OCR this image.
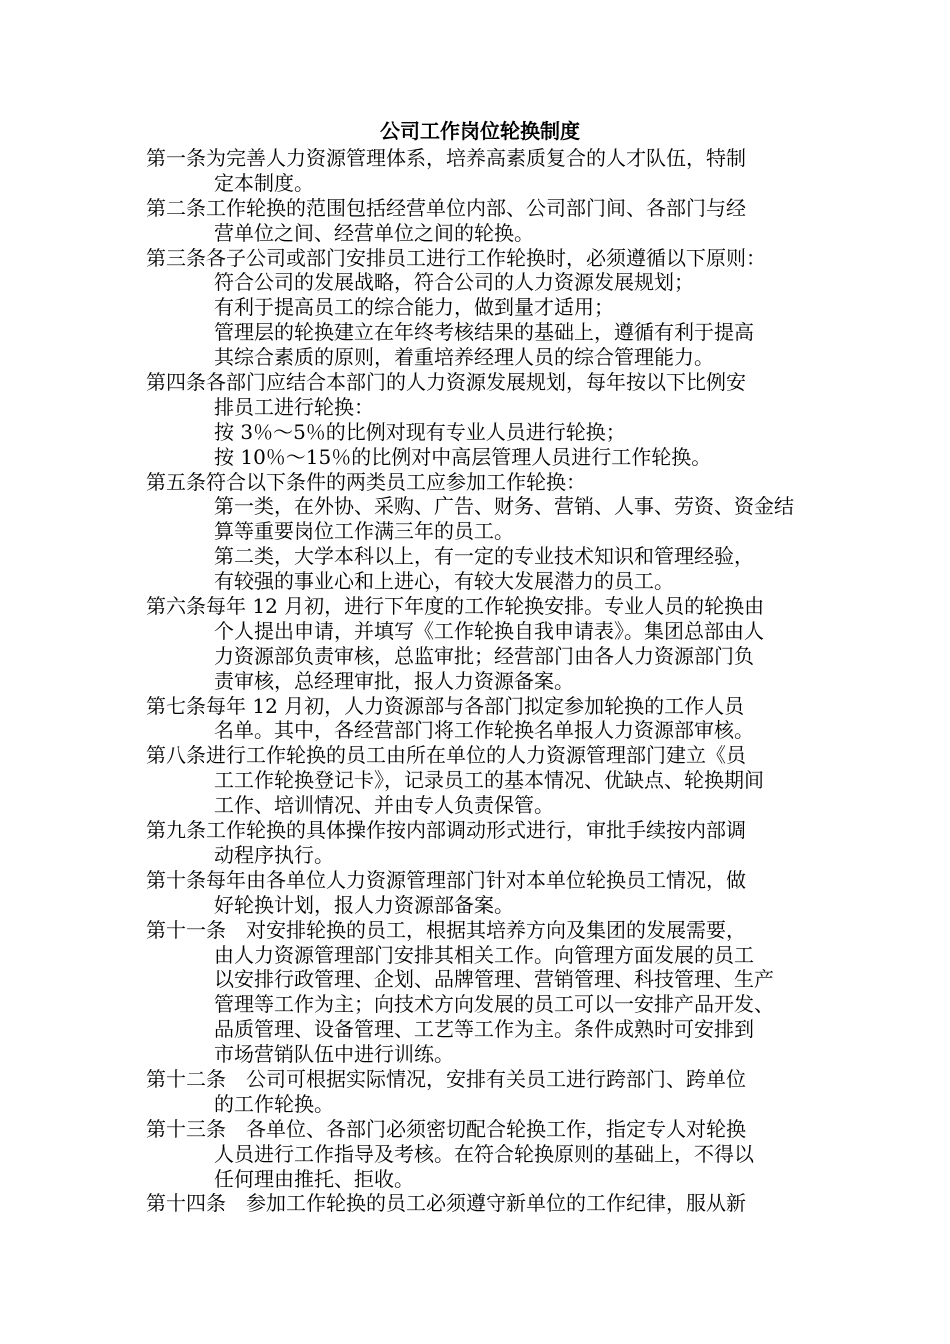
公司工作岗位轮换制度
第一条为完善人力资源管理体系，培养高素质复合的人才队伍，特制
定本制度。
第二条工作轮换的范围包括经营单位内部、公司部门间、各部门与经
营单位之间、经营单位之间的轮换。
第三条各子公司或部门安排员工进行工作轮换时，必须遵循以下原则：
符合公司的发展战略，符合公司的人力资源发展规划；
有利于提高员工的综合能力，做到量才适用；
管理层的轮换建立在年终考核结果的基础上，遵循有利于提高
其综合素质的原则，着重培养经理人员的综合管理能力。
第四条各部门应结合本部门的人力资源发展规划，每年按以下比例安
排员工进行轮换：
按 3％～5％的比例对现有专业人员进行轮换；
按 10％～15％的比例对中高层管理人员进行工作轮换。
第五条符合以下条件的两类员工应参加工作轮换：
第一类，在外协、采购、广告、财务、营销、人事、劳资、资金结
算等重要岗位工作满三年的员工。
第二类，大学本科以上，有一定的专业技术知识和管理经验，
有较强的事业心和上进心，有较大发展潜力的员工。
第六条每年 12 月初，进行下年度的工作轮换安排。专业人员的轮换由
个人提出申请，并填写《工作轮换自我申请表》。集团总部由人
力资源部负责审核，总监审批；经营部门由各人力资源部门负
责审核，总经理审批，报人力资源备案。
第七条每年 12 月初，人力资源部与各部门拟定参加轮换的工作人员
名单。其中，各经营部门将工作轮换名单报人力资源部审核。
第八条进行工作轮换的员工由所在单位的人力资源管理部门建立《员
工工作轮换登记卡》，记录员工的基本情况、优缺点、轮换期间
工作、培训情况、并由专人负责保管。
第九条工作轮换的具体操作按内部调动形式进行，审批手续按内部调
动程序执行。
第十条每年由各单位人力资源管理部门针对本单位轮换员工情况，做
好轮换计划，报人力资源部备案。
第十一条　对安排轮换的员工，根据其培养方向及集团的发展需要，
由人力资源管理部门安排其相关工作。向管理方面发展的员工
以安排行政管理、企划、品牌管理、营销管理、科技管理、生产
管理等工作为主；向技术方向发展的员工可以一安排产品开发、
品质管理、设备管理、工艺等工作为主。条件成熟时可安排到
市场营销队伍中进行训练。
第十二条　公司可根据实际情况，安排有关员工进行跨部门、跨单位
的工作轮换。
第十三条　各单位、各部门必须密切配合轮换工作，指定专人对轮换
人员进行工作指导及考核。在符合轮换原则的基础上，不得以
任何理由推托、拒收。
第十四条　参加工作轮换的员工必须遵守新单位的工作纪律，服从新
